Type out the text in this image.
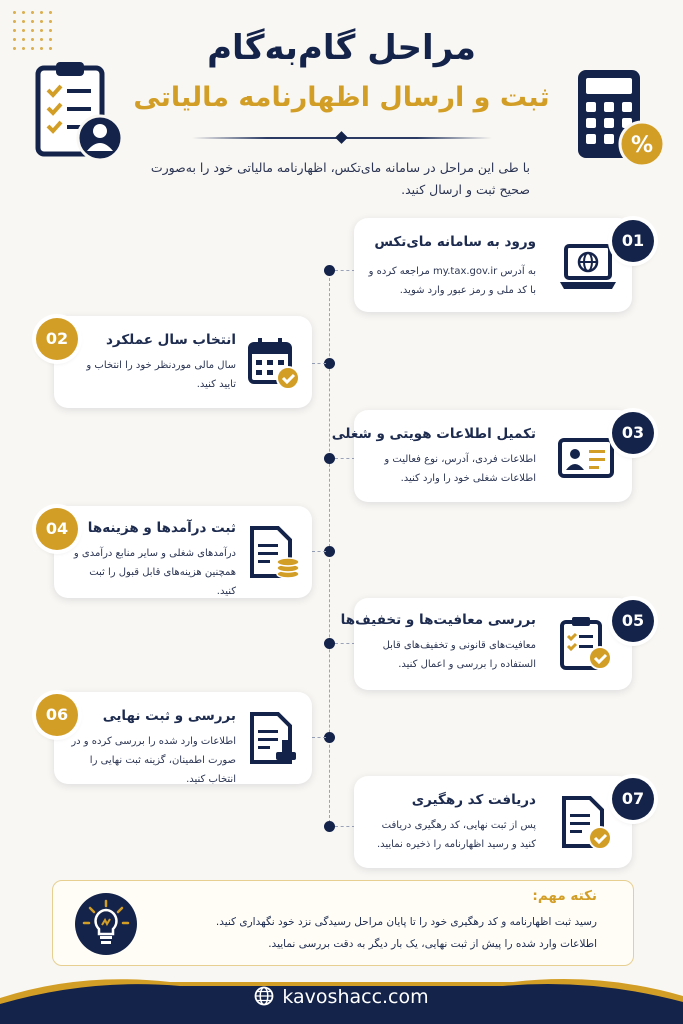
%
مراحل گام‌به‌گام
ثبت و ارسال اظهارنامه مالیاتی

با طی این مراحل در سامانه مای‌تکس، اظهارنامه مالیاتی خود را به‌صورت صحیح ثبت و ارسال کنید.

ورود به سامانه مای‌تکس

به آدرس my.tax.gov.ir مراجعه کرده و با کد ملی و رمز عبور وارد شوید.

01
انتخاب سال عملکرد

سال مالی موردنظر خود را انتخاب و تایید کنید.

02
تکمیل اطلاعات هویتی و شغلی

اطلاعات فردی، آدرس، نوع فعالیت و اطلاعات شغلی خود را وارد کنید.

03
ثبت درآمدها و هزینه‌ها

درآمدهای شغلی و سایر منابع درآمدی و همچنین هزینه‌های قابل قبول را ثبت کنید.

04
بررسی معافیت‌ها و تخفیف‌ها

معافیت‌های قانونی و تخفیف‌های قابل الستفاده را بررسی و اعمال کنید.

05
بررسی و ثبت نهایی

اطلاعات وارد شده را بررسی کرده و در صورت اطمینان، گزینه ثبت نهایی را انتخاب کنید.

06
دریافت کد رهگیری

پس از ثبت نهایی، کد رهگیری دریافت کنید و رسید اظهارنامه را ذخیره نمایید.

07
نکته مهم:

رسید ثبت اظهارنامه و کد رهگیری خود را تا پایان مراحل رسیدگی نزد خود نگهداری کنید.
اطلاعات وارد شده را پیش از ثبت نهایی، یک بار دیگر به دقت بررسی نمایید.

kavoshacc.com
